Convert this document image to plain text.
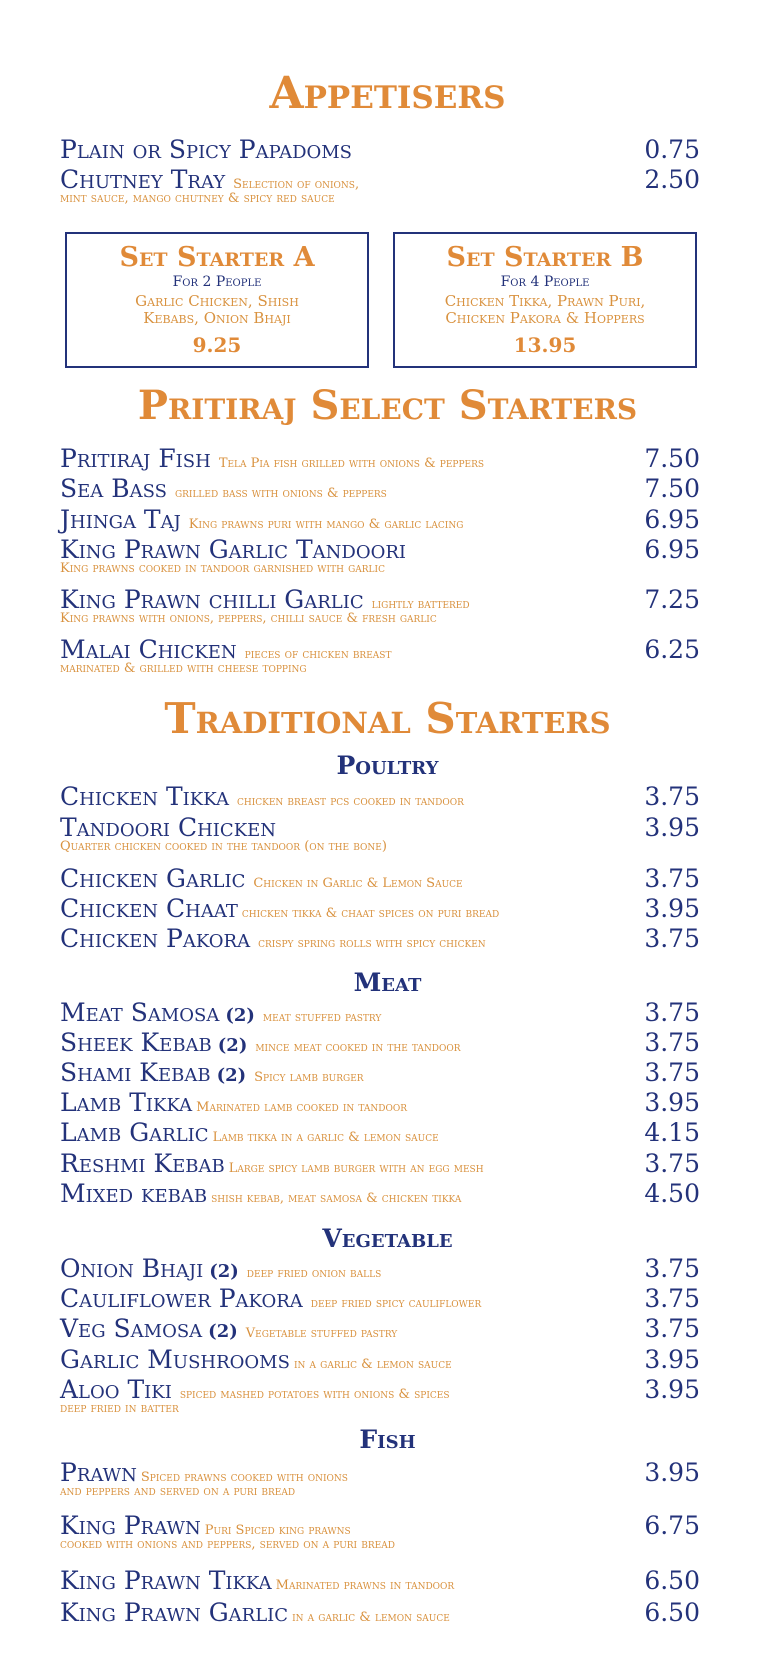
Appetisers
Plain or Spicy Papadoms	0.75
Chutney Tray Selection of onions,	2.50
mint sauce, mango chutney & spicy red sauce
Set Starter A
For 2 People
Garlic Chicken, Shish
Kebabs, Onion Bhaji
9.25
Set Starter B
For 4 People
Chicken Tikka, Prawn Puri,
Chicken Pakora & Hoppers
13.95
Pritiraj Select Starters
Pritiraj Fish Tela Pia fish grilled with onions & peppers	7.50
Sea Bass grilled bass with onions & peppers	7.50
Jhinga Taj King prawns puri with mango & garlic lacing	6.95
King Prawn Garlic Tandoori	6.95
King prawns cooked in tandoor garnished with garlic
King Prawn chilli Garlic lightly battered	7.25
King prawns with onions, peppers, chilli sauce & fresh garlic
Malai Chicken pieces of chicken breast	6.25
marinated & grilled with cheese topping
Traditional Starters
Poultry
Chicken Tikka chicken breast pcs cooked in tandoor	3.75
Tandoori Chicken	3.95
Quarter chicken cooked in the tandoor (on the bone)
Chicken Garlic Chicken in Garlic & Lemon Sauce	3.75
Chicken Chaat chicken tikka & chaat spices on puri bread	3.95
Chicken Pakora crispy spring rolls with spicy chicken	3.75
Meat
Meat Samosa (2) meat stuffed pastry	3.75
Sheek Kebab (2) mince meat cooked in the tandoor	3.75
Shami Kebab (2) Spicy lamb burger	3.75
Lamb Tikka Marinated lamb cooked in tandoor	3.95
Lamb Garlic Lamb tikka in a garlic & lemon sauce	4.15
Reshmi Kebab Large spicy lamb burger with an egg mesh	3.75
Mixed kebab shish kebab, meat samosa & chicken tikka	4.50
Vegetable
Onion Bhaji (2) deep fried onion balls	3.75
Cauliflower Pakora deep fried spicy cauliflower	3.75
Veg Samosa (2) Vegetable stuffed pastry	3.75
Garlic Mushrooms in a garlic & lemon sauce	3.95
Aloo Tiki spiced mashed potatoes with onions & spices	3.95
deep fried in batter
Fish
Prawn Spiced prawns cooked with onions	3.95
and peppers and served on a puri bread
King Prawn Puri Spiced king prawns	6.75
cooked with onions and peppers, served on a puri bread
King Prawn Tikka Marinated prawns in tandoor	6.50
King Prawn Garlic in a garlic & lemon sauce	6.50
